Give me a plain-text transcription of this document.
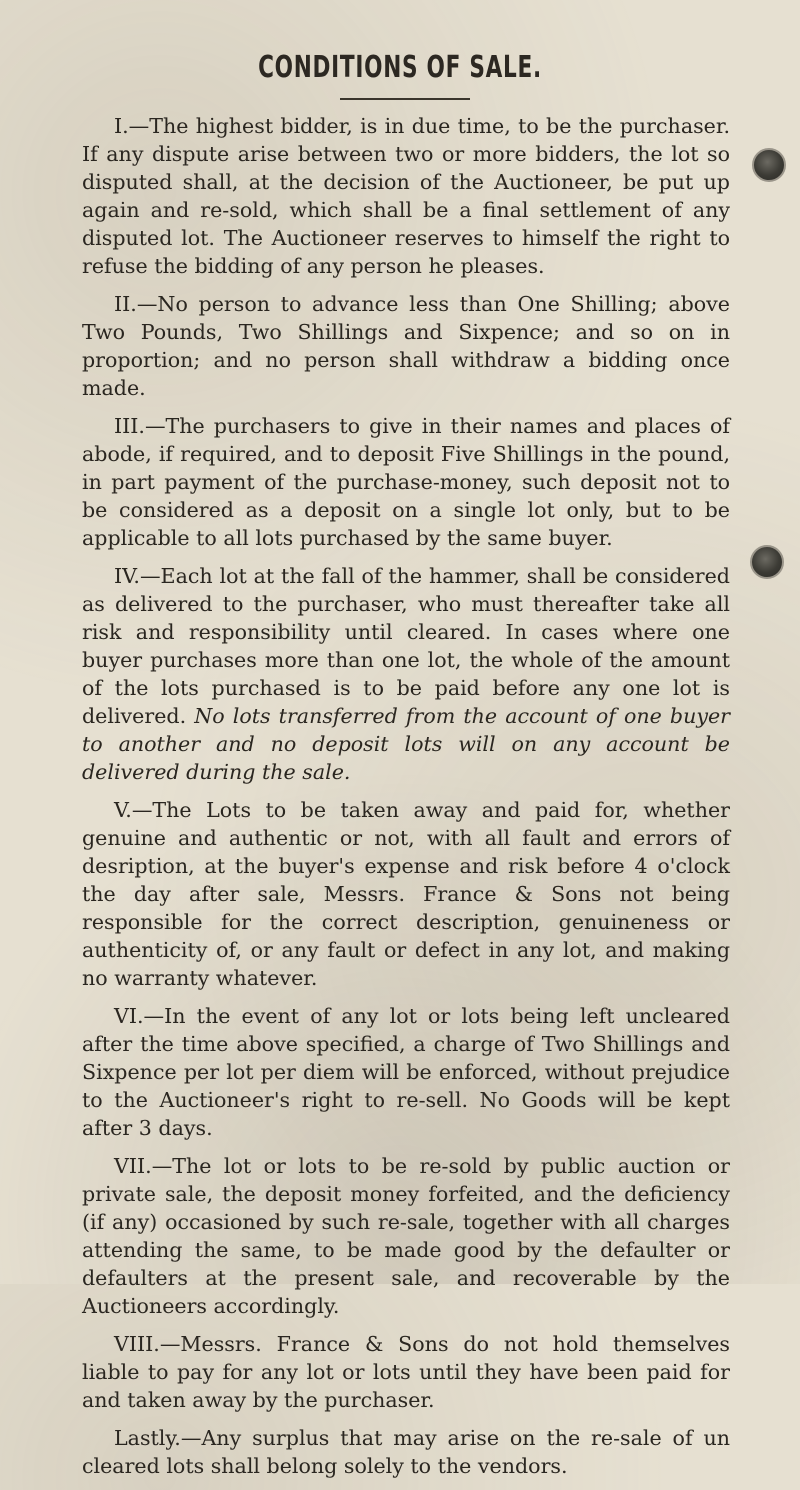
CONDITIONS OF SALE.

I.—The highest bidder, is in due time, to be the purchaser. If any dispute arise between two or more bidders, the lot so disputed shall, at the decision of the Auctioneer, be put up again and re-sold, which shall be a final settlement of any disputed lot. The Auctioneer reserves to himself the right to refuse the bidding of any person he pleases.

II.—No person to advance less than One Shilling; above Two Pounds, Two Shillings and Sixpence; and so on in proportion; and no person shall withdraw a bidding once made.

III.—The purchasers to give in their names and places of abode, if required, and to deposit Five Shillings in the pound, in part payment of the purchase-money, such deposit not to be considered as a deposit on a single lot only, but to be applicable to all lots purchased by the same buyer.

IV.—Each lot at the fall of the hammer, shall be considered as delivered to the purchaser, who must thereafter take all risk and responsibility until cleared. In cases where one buyer purchases more than one lot, the whole of the amount of the lots purchased is to be paid before any one lot is delivered. No lots transferred from the account of one buyer to another and no deposit lots will on any account be delivered during the sale.

V.—The Lots to be taken away and paid for, whether genuine and authentic or not, with all fault and errors of desription, at the buyer's expense and risk before 4 o'clock the day after sale, Messrs. France & Sons not being responsible for the correct description, genuineness or authenticity of, or any fault or defect in any lot, and making no warranty whatever.

VI.—In the event of any lot or lots being left uncleared after the time above specified, a charge of Two Shillings and Sixpence per lot per diem will be enforced, without prejudice to the Auctioneer's right to re-sell. No Goods will be kept after 3 days.

VII.—The lot or lots to be re-sold by public auction or private sale, the deposit money forfeited, and the deficiency (if any) occasioned by such re-sale, together with all charges attending the same, to be made good by the defaulter or defaulters at the present sale, and recoverable by the Auctioneers accordingly.

VIII.—Messrs. France & Sons do not hold themselves liable to pay for any lot or lots until they have been paid for and taken away by the purchaser.

Lastly.—Any surplus that may arise on the re-sale of un cleared lots shall belong solely to the vendors.
